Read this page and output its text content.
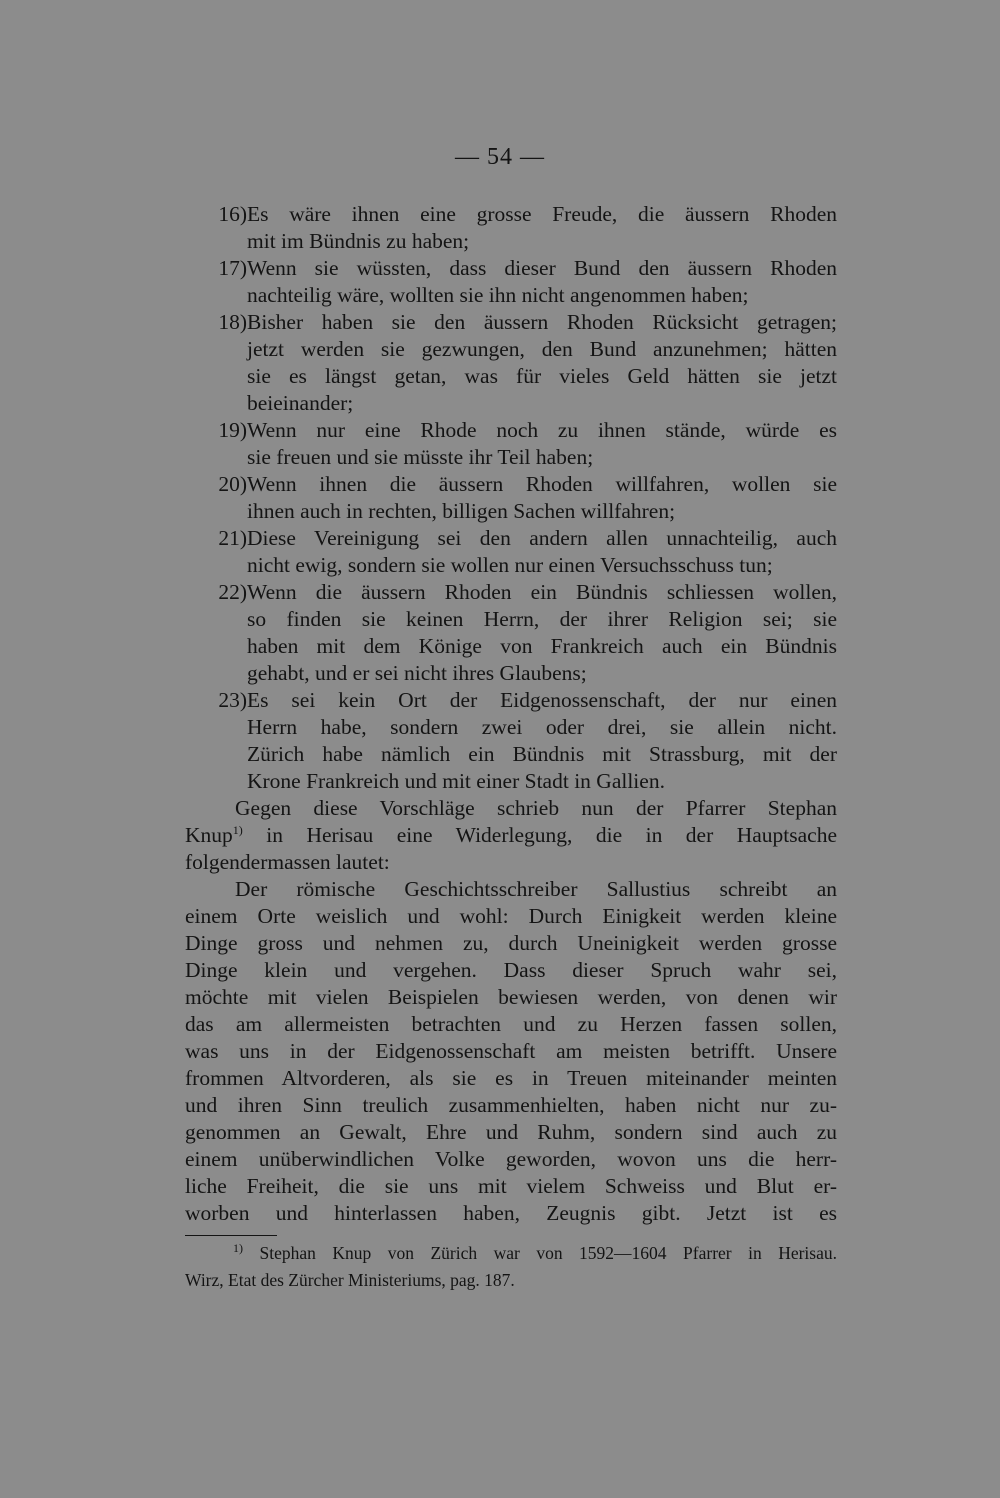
— 54 —
16) Es wäre ihnen eine grosse Freude, die äussern Rhoden
mit im Bündnis zu haben;
17) Wenn sie wüssten, dass dieser Bund den äussern Rhoden
nachteilig wäre, wollten sie ihn nicht angenommen haben;
18) Bisher haben sie den äussern Rhoden Rücksicht getragen;
jetzt werden sie gezwungen, den Bund anzunehmen; hätten
sie es längst getan, was für vieles Geld hätten sie jetzt
beieinander;
19) Wenn nur eine Rhode noch zu ihnen stände, würde es
sie freuen und sie müsste ihr Teil haben;
20) Wenn ihnen die äussern Rhoden willfahren, wollen sie
ihnen auch in rechten, billigen Sachen willfahren;
21) Diese Vereinigung sei den andern allen unnachteilig, auch
nicht ewig, sondern sie wollen nur einen Versuchsschuss tun;
22) Wenn die äussern Rhoden ein Bündnis schliessen wollen,
so finden sie keinen Herrn, der ihrer Religion sei; sie
haben mit dem Könige von Frankreich auch ein Bündnis
gehabt, und er sei nicht ihres Glaubens;
23) Es sei kein Ort der Eidgenossenschaft, der nur einen
Herrn habe, sondern zwei oder drei, sie allein nicht.
Zürich habe nämlich ein Bündnis mit Strassburg, mit der
Krone Frankreich und mit einer Stadt in Gallien.
Gegen diese Vorschläge schrieb nun der Pfarrer Stephan
Knup$^{1)}$ in Herisau eine Widerlegung, die in der Hauptsache
folgendermassen lautet:
Der römische Geschichtsschreiber Sallustius schreibt an
einem Orte weislich und wohl: Durch Einigkeit werden kleine
Dinge gross und nehmen zu, durch Uneinigkeit werden grosse
Dinge klein und vergehen. Dass dieser Spruch wahr sei,
möchte mit vielen Beispielen bewiesen werden, von denen wir
das am allermeisten betrachten und zu Herzen fassen sollen,
was uns in der Eidgenossenschaft am meisten betrifft. Unsere
frommen Altvorderen, als sie es in Treuen miteinander meinten
und ihren Sinn treulich zusammenhielten, haben nicht nur zu-
genommen an Gewalt, Ehre und Ruhm, sondern sind auch zu
einem unüberwindlichen Volke geworden, wovon uns die herr-
liche Freiheit, die sie uns mit vielem Schweiss und Blut er-
worben und hinterlassen haben, Zeugnis gibt. Jetzt ist es
$^{1)}$ Stephan Knup von Zürich war von 1592—1604 Pfarrer in Herisau.
Wirz, Etat des Zürcher Ministeriums, pag. 187.
